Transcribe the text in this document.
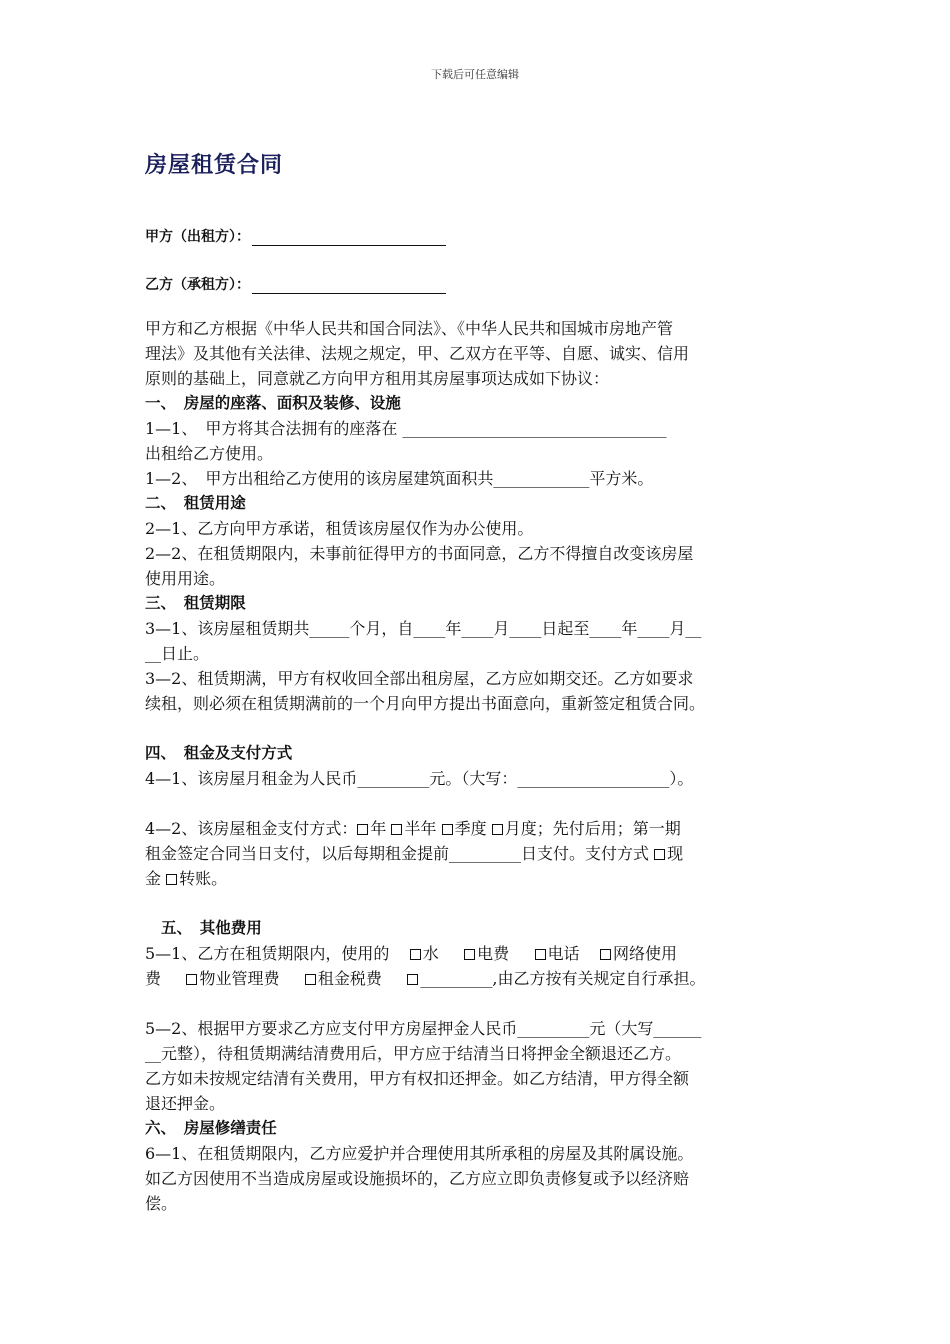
下载后可任意编辑
房屋租赁合同
甲方（出租方）：
乙方（承租方）：

甲方和乙方根据《中华人民共和国合同法》、《中华人民共和国城市房地产管

理法》及其他有关法律、法规之规定，甲、乙双方在平等、自愿、诚实、信用

原则的基础上，同意就乙方向甲方租用其房屋事项达成如下协议：

一、　房屋的座落、面积及装修、设施

1—1、　甲方将其合法拥有的座落在 _________________________________

出租给乙方使用。

1—2、　甲方出租给乙方使用的该房屋建筑面积共____________平方米。

二、　租赁用途

2—1、乙方向甲方承诺，租赁该房屋仅作为办公使用。

2—2、在租赁期限内，未事前征得甲方的书面同意，乙方不得擅自改变该房屋

使用用途。

三、　租赁期限

3—1、该房屋租赁期共_____个月，自____年____月____日起至____年____月__

__日止。

3—2、租赁期满，甲方有权收回全部出租房屋，乙方应如期交还。乙方如要求

续租，则必须在租赁期满前的一个月向甲方提出书面意向，重新签定租赁合同。

四、　租金及支付方式

4—1、该房屋月租金为人民币_________元。（大写：___________________）。

4—2、该房屋租金支付方式： 年 半年 季度 月度；先付后用；第一期

租金签定合同当日支付，以后每期租金提前_________日支付。支付方式 现

金 转账。

五、　其他费用

5—1、乙方在租赁期限内，使用的 水 电费 电话 网络使用

费 物业管理费 租金税费 _________,由乙方按有关规定自行承担。

5—2、根据甲方要求乙方应支付甲方房屋押金人民币_________元（大写______

__元整），待租赁期满结清费用后，甲方应于结清当日将押金全额退还乙方。

乙方如未按规定结清有关费用，甲方有权扣还押金。如乙方结清，甲方得全额

退还押金。

六、　房屋修缮责任

6—1、在租赁期限内，乙方应爱护并合理使用其所承租的房屋及其附属设施。

如乙方因使用不当造成房屋或设施损坏的，乙方应立即负责修复或予以经济赔

偿。
